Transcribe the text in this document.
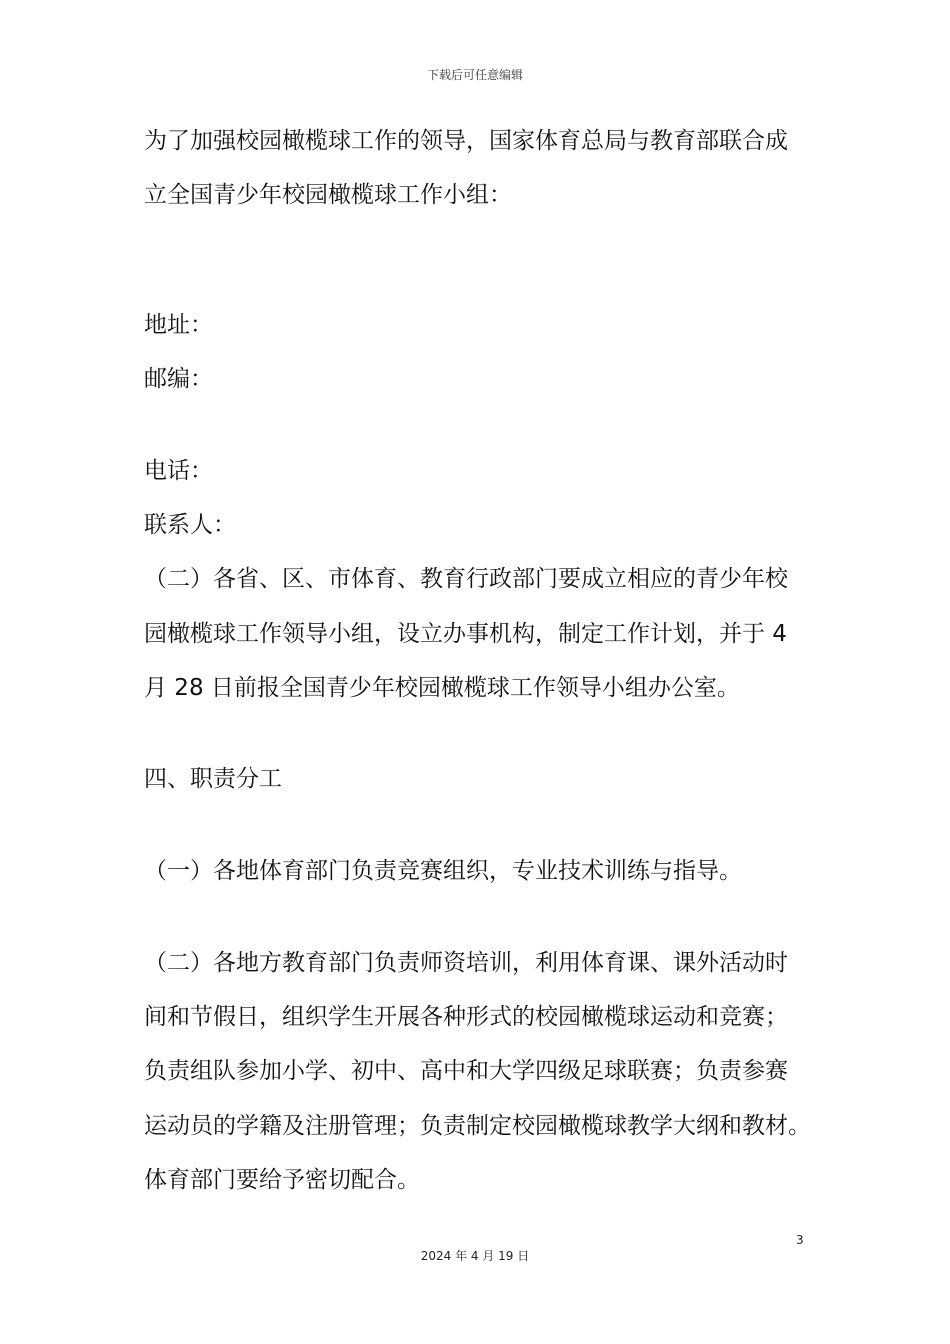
下载后可任意编辑
为了加强校园橄榄球工作的领导，国家体育总局与教育部联合成
立全国青少年校园橄榄球工作小组：
地址：
邮编：
电话：
联系人：
（二）各省、区、市体育、教育行政部门要成立相应的青少年校
园橄榄球工作领导小组，设立办事机构，制定工作计划，并于 4
月 28 日前报全国青少年校园橄榄球工作领导小组办公室。
四、职责分工
（一）各地体育部门负责竞赛组织，专业技术训练与指导。
（二）各地方教育部门负责师资培训，利用体育课、课外活动时
间和节假日，组织学生开展各种形式的校园橄榄球运动和竞赛；
负责组队参加小学、初中、高中和大学四级足球联赛；负责参赛
运动员的学籍及注册管理；负责制定校园橄榄球教学大纲和教材。
体育部门要给予密切配合。
3
2024 年 4 月 19 日
